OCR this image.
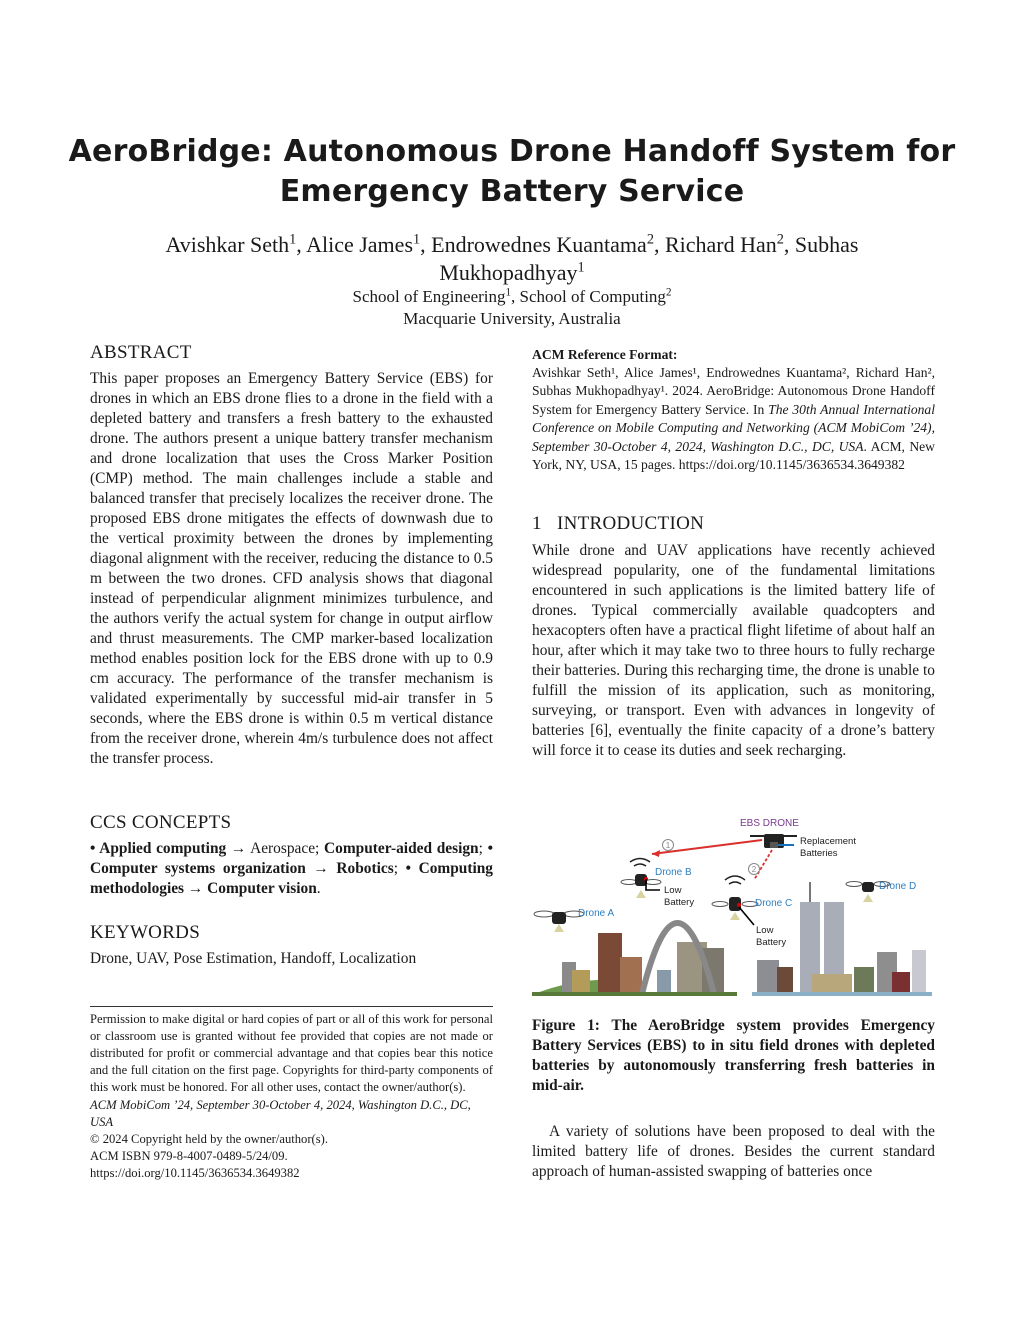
AeroBridge: Autonomous Drone Handoff System for
Emergency Battery Service
Avishkar Seth$^1$, Alice James$^1$, Endrowednes Kuantama$^2$, Richard Han$^2$, Subhas Mukhopadhyay$^1$
School of Engineering$^1$, School of Computing$^2$
Macquarie University, Australia
ABSTRACT

This paper proposes an Emergency Battery Service (EBS) for drones in which an EBS drone flies to a drone in the field with a depleted battery and transfers a fresh battery to the exhausted drone. The authors present a unique battery transfer mechanism and drone localization that uses the Cross Marker Position (CMP) method. The main challenges include a stable and balanced transfer that precisely localizes the receiver drone. The proposed EBS drone mitigates the effects of downwash due to the vertical proximity between the drones by implementing diagonal alignment with the receiver, reducing the distance to 0.5 m between the two drones. CFD analysis shows that diagonal instead of perpendicular alignment minimizes turbulence, and the authors verify the actual system for change in output airflow and thrust measurements. The CMP marker-based localization method enables position lock for the EBS drone with up to 0.9 cm accuracy. The performance of the transfer mechanism is validated experimentally by successful mid-air transfer in 5 seconds, where the EBS drone is within 0.5 m vertical distance from the receiver drone, wherein 4m/s turbulence does not affect the transfer process.

CCS CONCEPTS

• Applied computing → Aerospace; Computer-aided design; • Computer systems organization → Robotics; • Computing methodologies → Computer vision.

KEYWORDS

Drone, UAV, Pose Estimation, Handoff, Localization

Permission to make digital or hard copies of part or all of this work for personal or classroom use is granted without fee provided that copies are not made or distributed for profit or commercial advantage and that copies bear this notice and the full citation on the first page. Copyrights for third-party components of this work must be honored. For all other uses, contact the owner/author(s).

ACM MobiCom ’24, September 30-October 4, 2024, Washington D.C., DC, USA

© 2024 Copyright held by the owner/author(s).

ACM ISBN 979-8-4007-0489-5/24/09.

https://doi.org/10.1145/3636534.3649382

ACM Reference Format:

Avishkar Seth¹, Alice James¹, Endrowednes Kuantama², Richard Han², Subhas Mukhopadhyay¹. 2024. AeroBridge: Autonomous Drone Handoff System for Emergency Battery Service. In The 30th Annual International Conference on Mobile Computing and Networking (ACM MobiCom ’24), September 30-October 4, 2024, Washington D.C., DC, USA. ACM, New York, NY, USA, 15 pages. https://doi.org/10.1145/3636534.3649382

1 INTRODUCTION

While drone and UAV applications have recently achieved widespread popularity, one of the fundamental limitations encountered in such applications is the limited battery life of drones. Typical commercially available quadcopters and hexacopters often have a practical flight lifetime of about half an hour, after which it may take two to three hours to fully recharge their batteries. During this recharging time, the drone is unable to fulfill the mission of its application, such as monitoring, surveying, or transport. Even with advances in longevity of batteries [6], eventually the finite capacity of a drone’s battery will force it to cease its duties and seek recharging.

1
2
EBS DRONE
Replacement
Batteries
Drone A
Drone B
Drone C
Drone D
Low
Battery
Low
Battery

Figure 1: The AeroBridge system provides Emergency Battery Services (EBS) to in situ field drones with depleted batteries by autonomously transferring fresh batteries in mid-air.

A variety of solutions have been proposed to deal with the limited battery life of drones. Besides the current standard approach of human-assisted swapping of batteries once
